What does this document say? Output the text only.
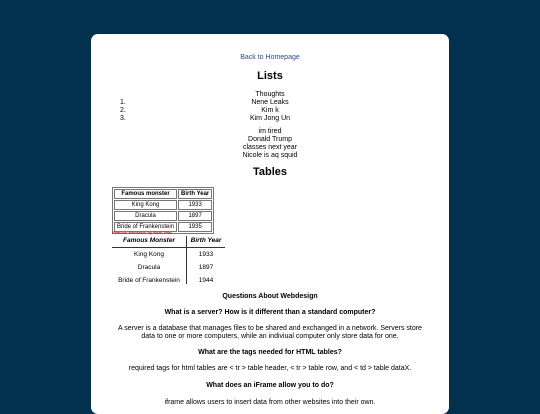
Back to Homepage
Lists
Thoughts
Nene Leaks
1.
2.
3.
Kim k
Kim Jong Un
im tired
Donald Trump
classes next year
Nicole is aq squid
Tables
Famous monster	Birth Year
King Kong	1933
Dracula	1897
Bride of Frankenstein	1935
Famous Monsters by Birth Year
Famous Monster	Birth Year
King Kong	1933
Dracula	1897
Bride of Frankenstein	1944
Questions About Webdesign
What is a server? How is it different than a standard computer?
A server is a database that manages files to be shared and exchanged in a network. Servers store
data to one or more computers, while an indiviual computer only store data for one.
What are the tags needed for HTML tables?
required tags for html tables are < tr > table header, < tr > table row, and < td > table dataX.
What does an iFrame allow you to do?
iframe allows users to insert data from other websites into their own.
